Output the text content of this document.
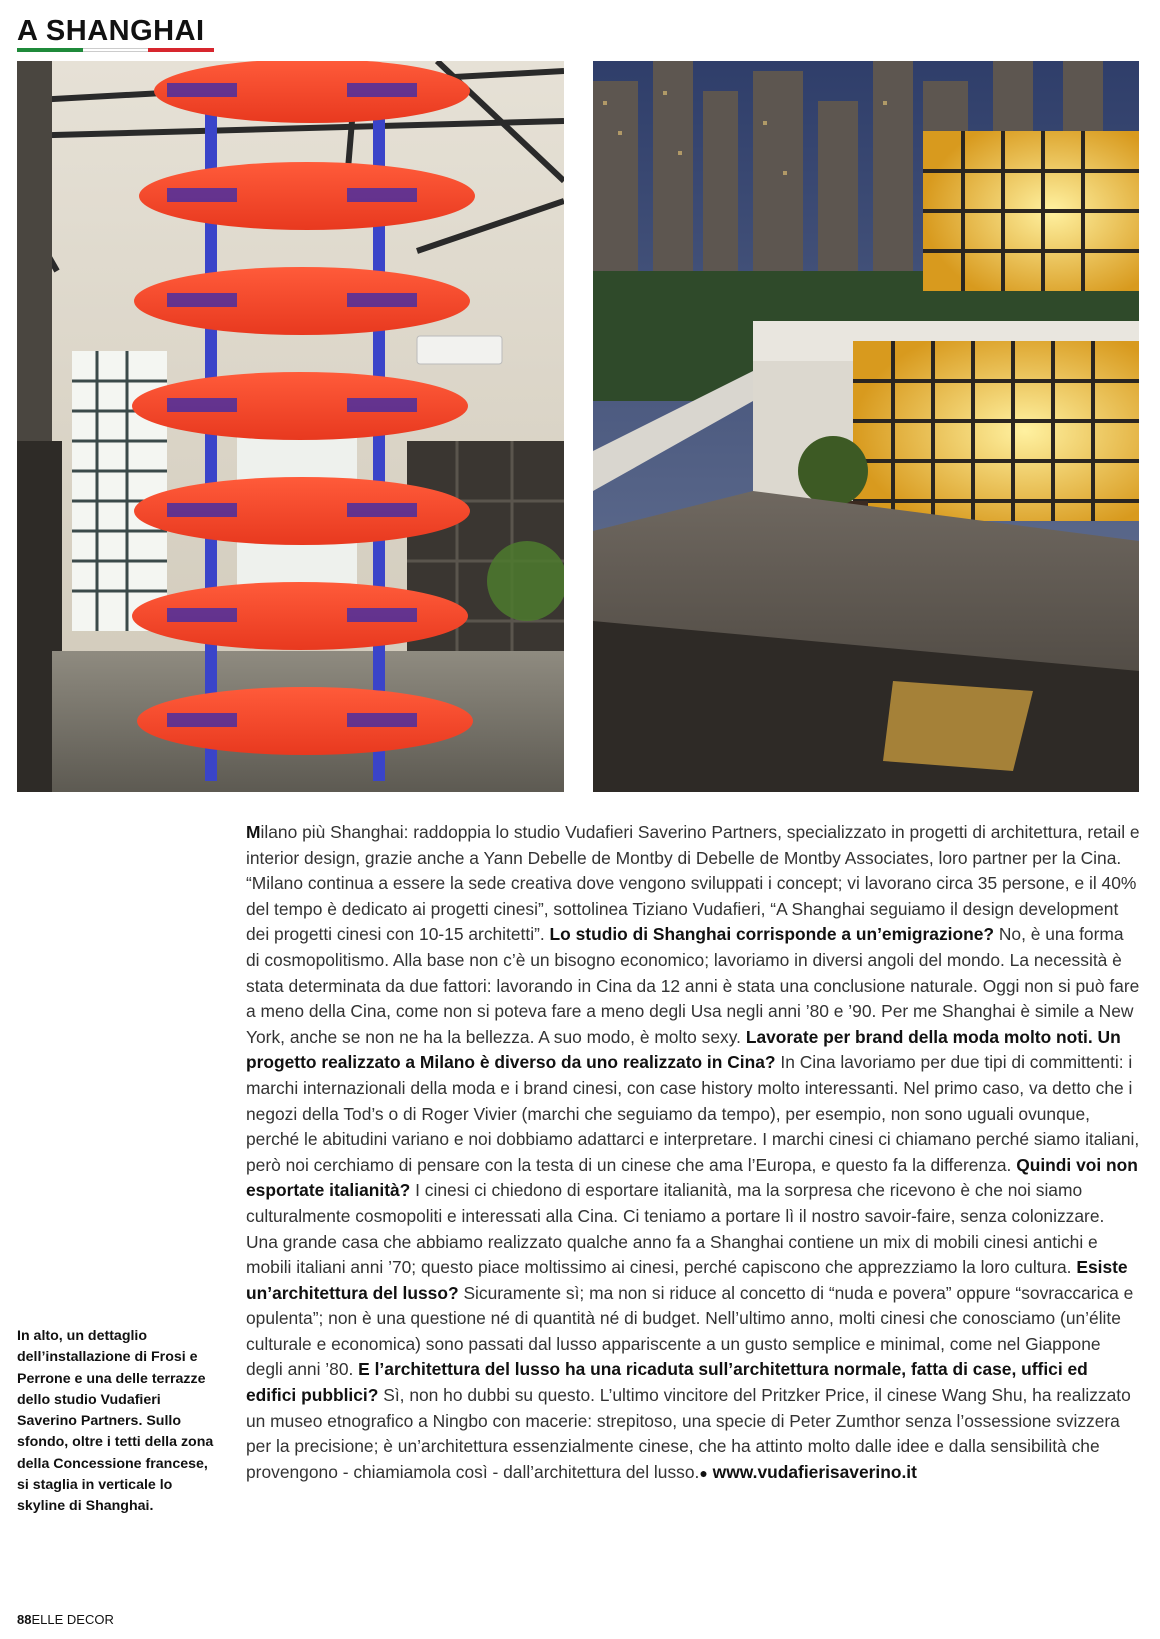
A SHANGHAI

In alto, un dettaglio dell’installazione di Frosi e Perrone e una delle terrazze dello studio Vudafieri Saverino Partners. Sullo sfondo, oltre i tetti della zona della Concessione francese, si staglia in verticale lo skyline di Shanghai.

Milano più Shanghai: raddoppia lo studio Vudafieri Saverino Partners, specializzato in progetti di architettura, retail e interior design, grazie anche a Yann Debelle de Montby di Debelle de Montby Associates, loro partner per la Cina. “Milano continua a essere la sede creativa dove vengono sviluppati i concept; vi lavorano circa 35 persone, e il 40% del tempo è dedicato ai progetti cinesi”, sottolinea Tiziano Vudafieri, “A Shanghai seguiamo il design development dei progetti cinesi con 10-15 architetti”. Lo studio di Shanghai corrisponde a un’emigrazione? No, è una forma di cosmopolitismo. Alla base non c’è un bisogno economico; lavoriamo in diversi angoli del mondo. La necessità è stata determinata da due fattori: lavorando in Cina da 12 anni è stata una conclusione naturale. Oggi non si può fare a meno della Cina, come non si poteva fare a meno degli Usa negli anni ’80 e ’90. Per me Shanghai è simile a New York, anche se non ne ha la bellezza. A suo modo, è molto sexy. Lavorate per brand della moda molto noti. Un progetto realizzato a Milano è diverso da uno realizzato in Cina? In Cina lavoriamo per due tipi di committenti: i marchi internazionali della moda e i brand cinesi, con case history molto interessanti. Nel primo caso, va detto che i negozi della Tod’s o di Roger Vivier (marchi che seguiamo da tempo), per esempio, non sono uguali ovunque, perché le abitudini variano e noi dobbiamo adattarci e interpretare. I marchi cinesi ci chiamano perché siamo italiani, però noi cerchiamo di pensare con la testa di un cinese che ama l’Europa, e questo fa la differenza. Quindi voi non esportate italianità? I cinesi ci chiedono di esportare italianità, ma la sorpresa che ricevono è che noi siamo culturalmente cosmopoliti e interessati alla Cina. Ci teniamo a portare lì il nostro savoir-faire, senza colonizzare. Una grande casa che abbiamo realizzato qualche anno fa a Shanghai contiene un mix di mobili cinesi antichi e mobili italiani anni ’70; questo piace moltissimo ai cinesi, perché capiscono che apprezziamo la loro cultura. Esiste un’architettura del lusso? Sicuramente sì; ma non si riduce al concetto di “nuda e povera” oppure “sovraccarica e opulenta”; non è una questione né di quantità né di budget. Nell’ultimo anno, molti cinesi che conosciamo (un’élite culturale e economica) sono passati dal lusso appariscente a un gusto semplice e minimal, come nel Giappone degli anni ’80. E l’architettura del lusso ha una ricaduta sull’architettura normale, fatta di case, uffici ed edifici pubblici? Sì, non ho dubbi su questo. L’ultimo vincitore del Pritzker Price, il cinese Wang Shu, ha realizzato un museo etnografico a Ningbo con macerie: strepitoso, una specie di Peter Zumthor senza l’ossessione svizzera per la precisione; è un’architettura essenzialmente cinese, che ha attinto molto dalle idee e dalla sensibilità che provengono - chiamiamola così - dall’architettura del lusso.● www.vudafierisaverino.it
88ELLE DECOR
